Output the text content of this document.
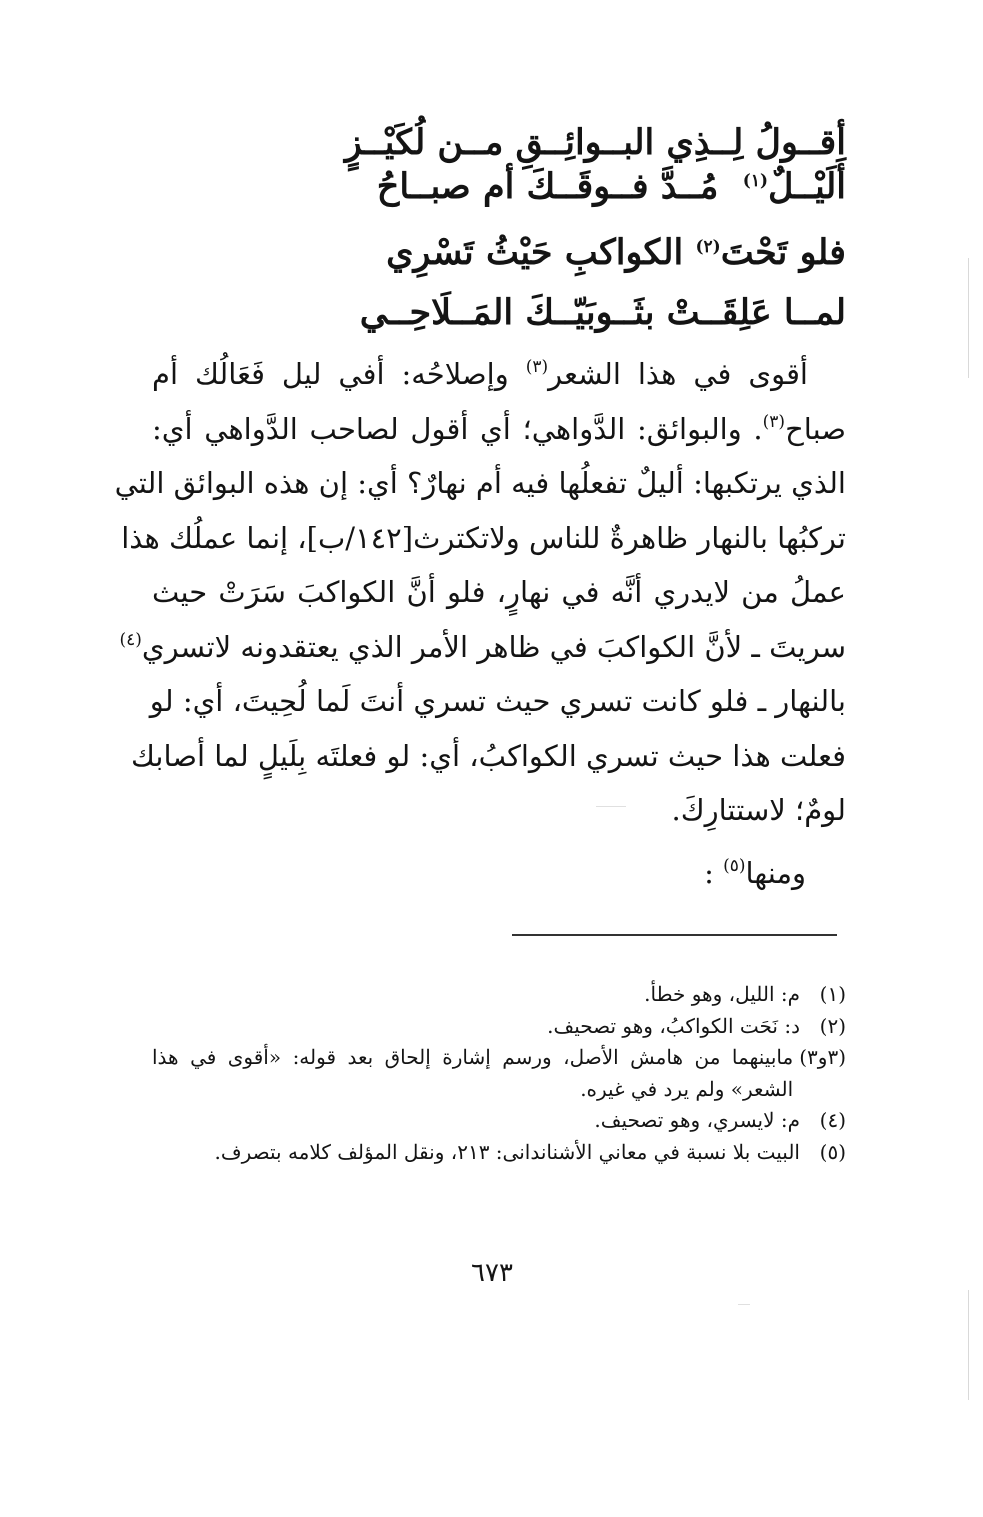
أقــولُ لِــذِي البــوائِــقِ مــن لُكَيْــزٍ
أَلَيْــلٌ$^{(١)}$  مُــدَّ فــوقَــكَ أم صبــاحُ
فلو تَحْتَ$^{(٢)}$ الكواكبِ حَيْثُ تَسْرِي
لمــا عَلِقَــتْ بثَــوبَيّــكَ المَــلَاحِــي
أقوى في هذا الشعر$^{(٣)}$ وإصلاحُه: أفي ليل فَعَالُك أم
صباح$^{(٣)}$. والبوائق: الدَّواهي؛ أي أقول لصاحب الدَّواهي أي:
الذي يرتكبها: أليلٌ تفعلُها فيه أم نهارٌ؟ أي: إن هذه البوائق التي
تركبُها بالنهار ظاهرةٌ للناس ولاتكترث[١٤٢/ب]، إنما عملُك هذا
عملُ من لايدري أنَّه في نهارٍ، فلو أنَّ الكواكبَ سَرَتْ حيث
سريتَ ـ لأنَّ الكواكبَ في ظاهر الأمر الذي يعتقدونه لاتسري$^{(٤)}$
بالنهار ـ فلو كانت تسري حيث تسري أنتَ لَما لُحِيتَ، أي: لو
فعلت هذا حيث تسري الكواكبُ، أي: لو فعلتَه بِلَيلٍ لما أصابك
لومٌ؛ لاستتارِكَ.
ومنها$^{(٥)}$ :
(١)
م: الليل، وهو خطأ.
(٢)
د: نَحَت الكواكبُ، وهو تصحيف.
(٣و٣)
مابينهما من هامش الأصل، ورسم إشارة إلحاق بعد قوله: «أقوى في هذا الشعر» ولم يرد في غيره.
(٤)
م: لايسري، وهو تصحيف.
(٥)
البيت بلا نسبة في معاني الأشناندانى: ٢١٣، ونقل المؤلف كلامه بتصرف.
٦٧٣
